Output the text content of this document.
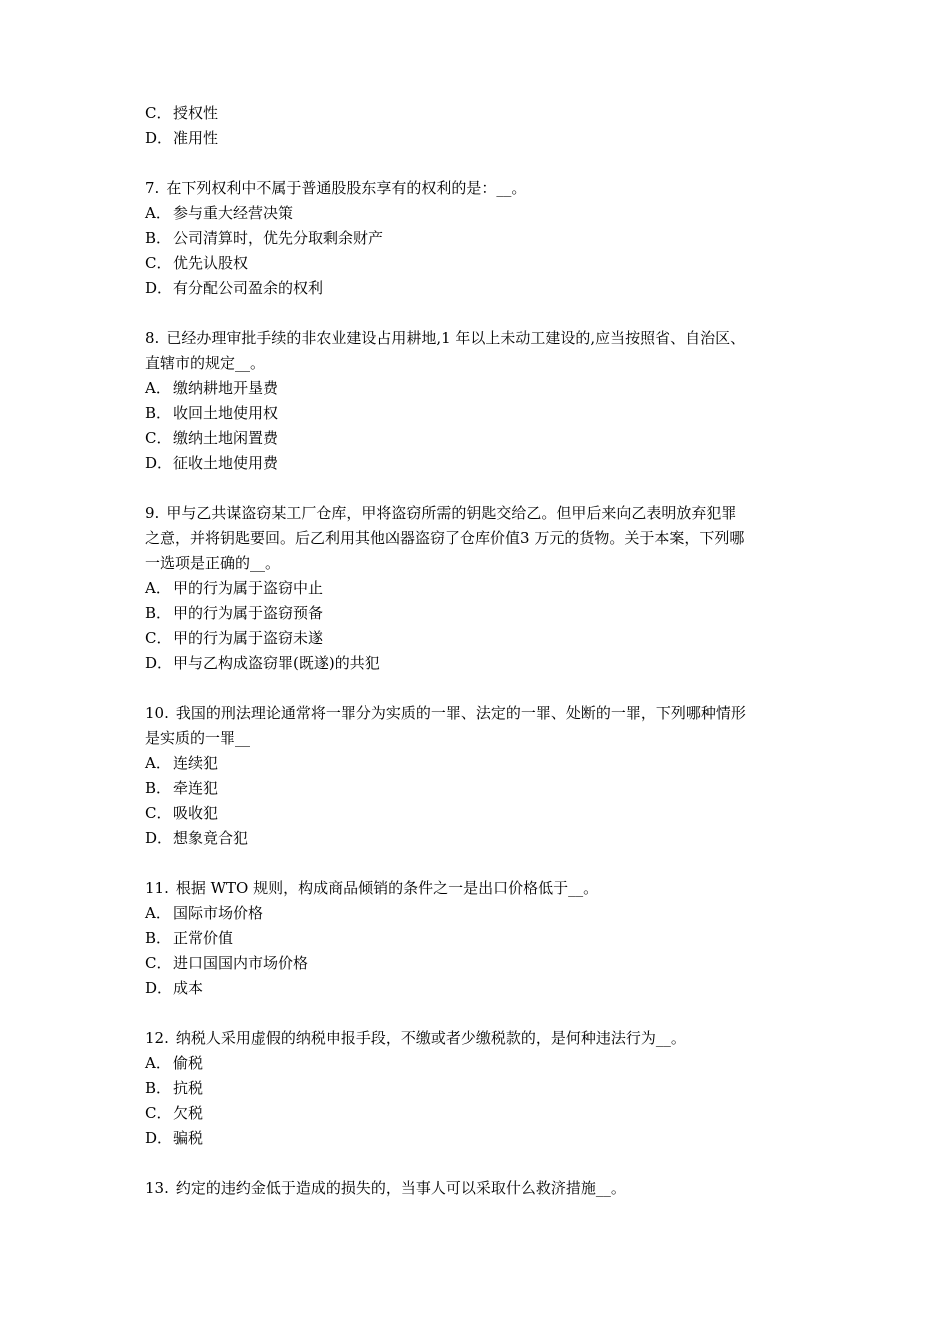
C． 授权性
D．准用性
7. 在下列权利中不属于普通股股东享有的权利的是：__。
A． 参与重大经营决策
B． 公司清算时，优先分取剩余财产
C． 优先认股权
D．有分配公司盈余的权利
8. 已经办理审批手续的非农业建设占用耕地,1 年以上未动工建设的,应当按照省、自治区、
直辖市的规定__。
A． 缴纳耕地开垦费
B． 收回土地使用权
C． 缴纳土地闲置费
D．征收土地使用费
9. 甲与乙共谋盗窃某工厂仓库，甲将盗窃所需的钥匙交给乙。但甲后来向乙表明放弃犯罪
之意，并将钥匙要回。后乙利用其他凶器盗窃了仓库价值3 万元的货物。关于本案，下列哪
一选项是正确的__。
A． 甲的行为属于盗窃中止
B． 甲的行为属于盗窃预备
C． 甲的行为属于盗窃未遂
D．甲与乙构成盗窃罪(既遂)的共犯
10. 我国的刑法理论通常将一罪分为实质的一罪、法定的一罪、处断的一罪，下列哪种情形
是实质的一罪__
A． 连续犯
B． 牵连犯
C． 吸收犯
D．想象竟合犯
11. 根据 WTO 规则，构成商品倾销的条件之一是出口价格低于__。
A． 国际市场价格
B． 正常价值
C． 进口国国内市场价格
D．成本
12. 纳税人采用虚假的纳税申报手段，不缴或者少缴税款的，是何种违法行为__。
A． 偷税
B． 抗税
C． 欠税
D．骗税
13. 约定的违约金低于造成的损失的，当事人可以采取什么救济措施__。
